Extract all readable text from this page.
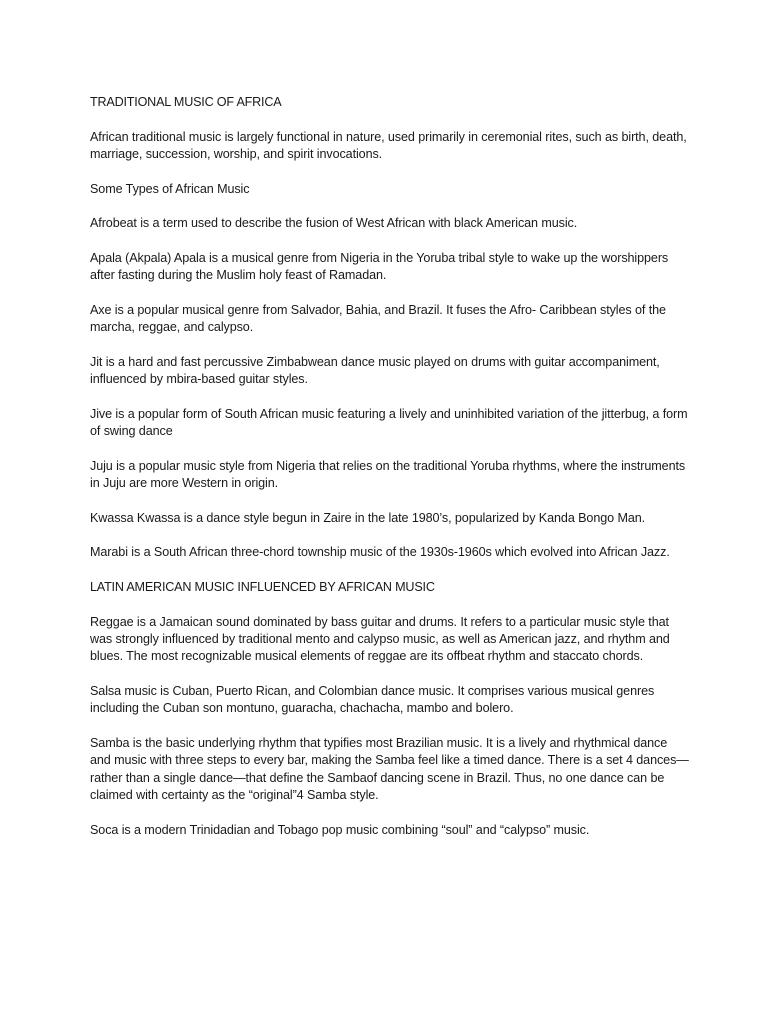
TRADITIONAL MUSIC OF AFRICA

African traditional music is largely functional in nature, used primarily in ceremonial rites, such as birth, death, marriage, succession, worship, and spirit invocations.

Some Types of African Music

Afrobeat is a term used to describe the fusion of West African with black American music.

Apala (Akpala) Apala is a musical genre from Nigeria in the Yoruba tribal style to wake up the worshippers after fasting during the Muslim holy feast of Ramadan.

Axe is a popular musical genre from Salvador, Bahia, and Brazil. It fuses the Afro- Caribbean styles of the marcha, reggae, and calypso.

Jit is a hard and fast percussive Zimbabwean dance music played on drums with guitar accompaniment, influenced by mbira-based guitar styles.

Jive is a popular form of South African music featuring a lively and uninhibited variation of the jitterbug, a form of swing dance

Juju is a popular music style from Nigeria that relies on the traditional Yoruba rhythms, where the instruments in Juju are more Western in origin.

Kwassa Kwassa is a dance style begun in Zaire in the late 1980’s, popularized by Kanda Bongo Man.

Marabi is a South African three-chord township music of the 1930s-1960s which evolved into African Jazz.

LATIN AMERICAN MUSIC INFLUENCED BY AFRICAN MUSIC

Reggae is a Jamaican sound dominated by bass guitar and drums. It refers to a particular music style that was strongly influenced by traditional mento and calypso music, as well as American jazz, and rhythm and blues. The most recognizable musical elements of reggae are its offbeat rhythm and staccato chords.

Salsa music is Cuban, Puerto Rican, and Colombian dance music. It comprises various musical genres including the Cuban son montuno, guaracha, chachacha, mambo and bolero.

Samba is the basic underlying rhythm that typifies most Brazilian music. It is a lively and rhythmical dance and music with three steps to every bar, making the Samba feel like a timed dance. There is a set 4 dances—rather than a single dance—that define the Sambaof dancing scene in Brazil. Thus, no one dance can be claimed with certainty as the “original”4 Samba style.

Soca is a modern Trinidadian and Tobago pop music combining “soul” and “calypso” music.
